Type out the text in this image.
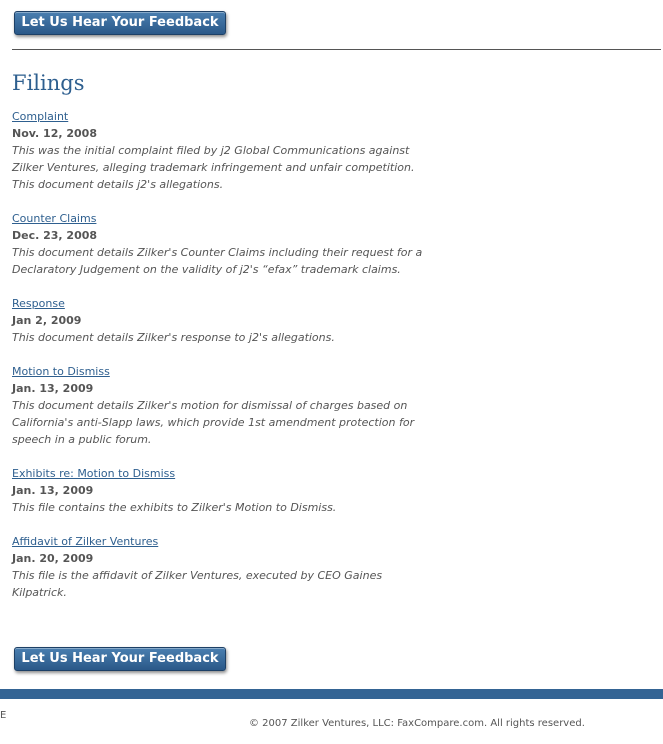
Let Us Hear Your Feedback
Filings
Complaint
Nov. 12, 2008
This was the initial complaint filed by j2 Global Communications against Zilker Ventures, alleging trademark infringement and unfair competition. This document details j2's allegations.
Counter Claims
Dec. 23, 2008
This document details Zilker's Counter Claims including their request for a Declaratory Judgement on the validity of j2's “efax” trademark claims.
Response
Jan 2, 2009
This document details Zilker's response to j2's allegations.
Motion to Dismiss
Jan. 13, 2009
This document details Zilker's motion for dismissal of charges based on California's anti-Slapp laws, which provide 1st amendment protection for speech in a public forum.
Exhibits re: Motion to Dismiss
Jan. 13, 2009
This file contains the exhibits to Zilker's Motion to Dismiss.
Affidavit of Zilker Ventures
Jan. 20, 2009
This file is the affidavit of Zilker Ventures, executed by CEO Gaines Kilpatrick.
Let Us Hear Your Feedback
E
© 2007 Zilker Ventures, LLC: FaxCompare.com. All rights reserved.
